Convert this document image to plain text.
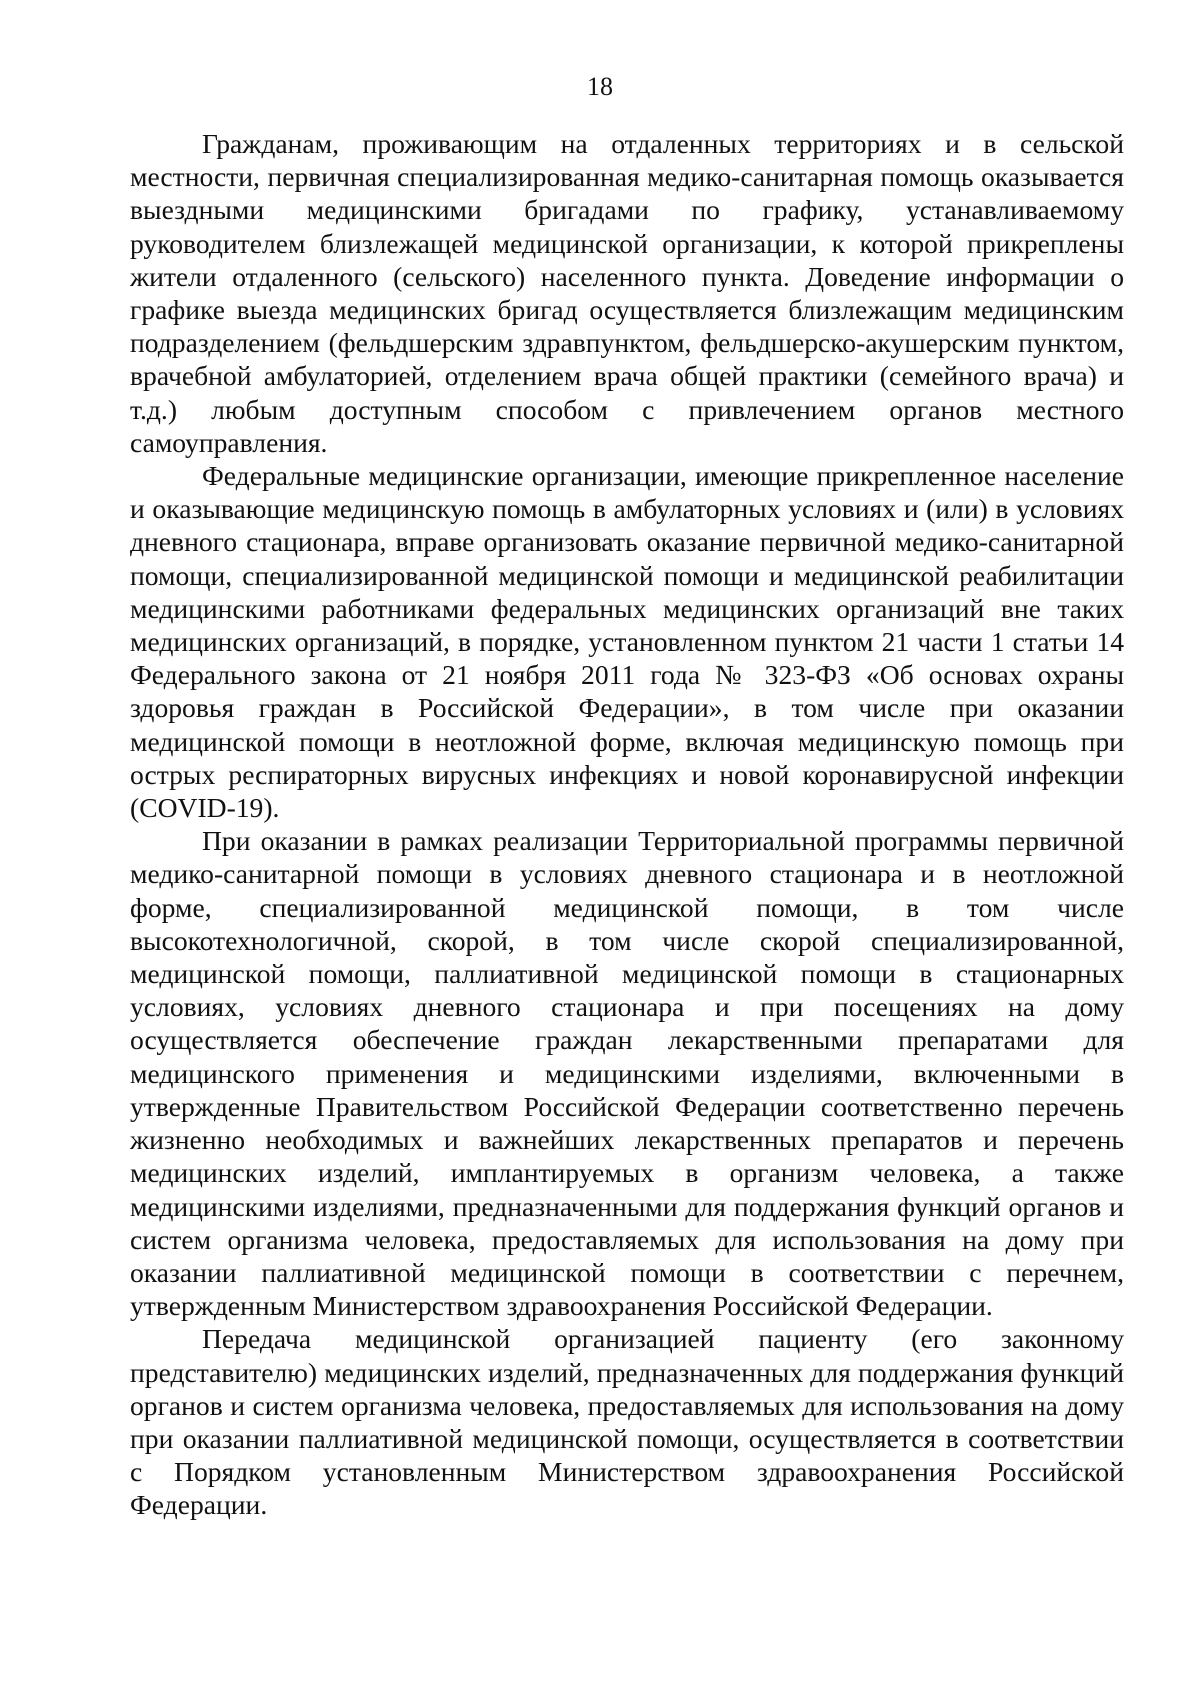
18

Гражданам, проживающим на отдаленных территориях и в сельской местности, первичная специализированная медико-санитарная помощь оказывается выездными медицинскими бригадами по графику, устанавливаемому руководителем близлежащей медицинской организации, к которой прикреплены жители отдаленного (сельского) населенного пункта. Доведение информации о графике выезда медицинских бригад осуществляется близлежащим медицинским подразделением (фельдшерским здравпунктом, фельдшерско-акушерским пунктом, врачебной амбулаторией, отделением врача общей практики (семейного врача) и т.д.) любым доступным способом с привлечением органов местного самоуправления.

Федеральные медицинские организации, имеющие прикрепленное население и оказывающие медицинскую помощь в амбулаторных условиях и (или) в условиях дневного стационара, вправе организовать оказание первичной медико-санитарной помощи, специализированной медицинской помощи и медицинской реабилитации медицинскими работниками федеральных медицинских организаций вне таких медицинских организаций, в порядке, установленном пунктом 21 части 1 статьи 14 Федерального закона от 21 ноября 2011 года № 323-ФЗ «Об основах охраны здоровья граждан в Российской Федерации», в том числе при оказании медицинской помощи в неотложной форме, включая медицинскую помощь при острых респираторных вирусных инфекциях и новой коронавирусной инфекции (COVID-19).

При оказании в рамках реализации Территориальной программы первичной медико-санитарной помощи в условиях дневного стационара и в неотложной форме, специализированной медицинской помощи, в том числе высокотехнологичной, скорой, в том числе скорой специализированной, медицинской помощи, паллиативной медицинской помощи в стационарных условиях, условиях дневного стационара и при посещениях на дому осуществляется обеспечение граждан лекарственными препаратами для медицинского применения и медицинскими изделиями, включенными в утвержденные Правительством Российской Федерации соответственно перечень жизненно необходимых и важнейших лекарственных препаратов и перечень медицинских изделий, имплантируемых в организм человека, а также медицинскими изделиями, предназначенными для поддержания функций органов и систем организма человека, предоставляемых для использования на дому при оказании паллиативной медицинской помощи в соответствии с перечнем, утвержденным Министерством здравоохранения Российской Федерации.

Передача медицинской организацией пациенту (его законному представителю) медицинских изделий, предназначенных для поддержания функций органов и систем организма человека, предоставляемых для использования на дому при оказании паллиативной медицинской помощи, осуществляется в соответствии с Порядком установленным Министерством здравоохранения Российской Федерации.
